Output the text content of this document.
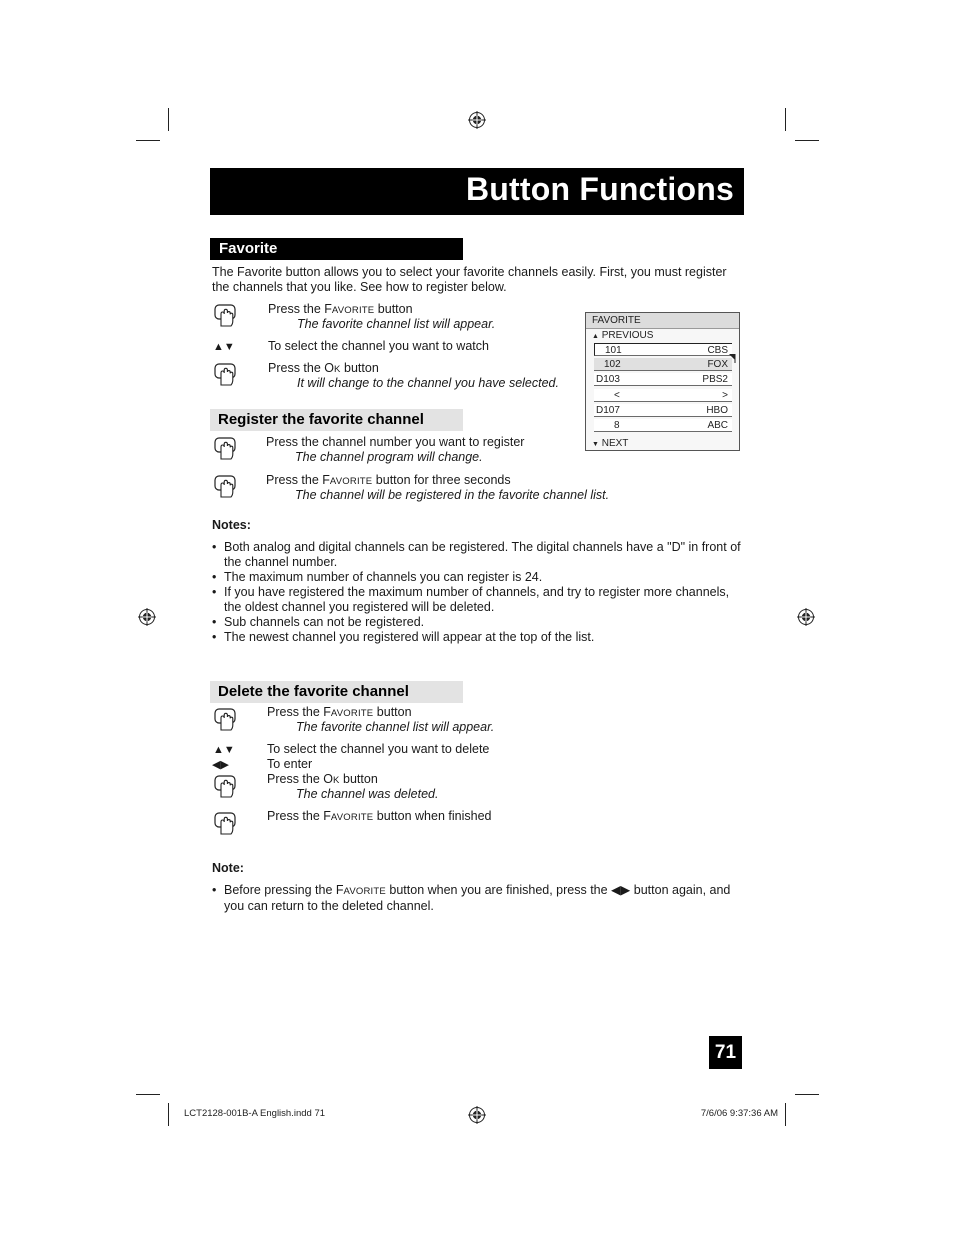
Button Functions
Favorite
The Favorite button allows you to select your favorite channels easily. First, you must register the channels that you like. See how to register below.
Press the FAVORITE button
The favorite channel list will appear.
▲▼	To select the channel you want to watch
Press the OK button
It will change to the channel you have selected.
FAVORITE
▲ PREVIOUS
101	CBS
102	FOX
D103	PBS2
<	>
D107	HBO
8	ABC
▼ NEXT
Register the favorite channel
Press the channel number you want to register
The channel program will change.
Press the FAVORITE button for three seconds
The channel will be registered in the favorite channel list.
Notes:
• Both analog and digital channels can be registered. The digital channels have a "D" in front of the channel number.
• The maximum number of channels you can register is 24.
• If you have registered the maximum number of channels, and try to register more channels, the oldest channel you registered will be deleted.
• Sub channels can not be registered.
• The newest channel you registered will appear at the top of the list.
Delete the favorite channel
Press the FAVORITE button
The favorite channel list will appear.
▲▼	To select the channel you want to delete
◀▶	To enter
Press the OK button
The channel was deleted.
Press the FAVORITE button when finished
Note:
• Before pressing the FAVORITE button when you are finished, press the ◀▶ button again, and you can return to the deleted channel.
71
LCT2128-001B-A English.indd 71	7/6/06 9:37:36 AM
